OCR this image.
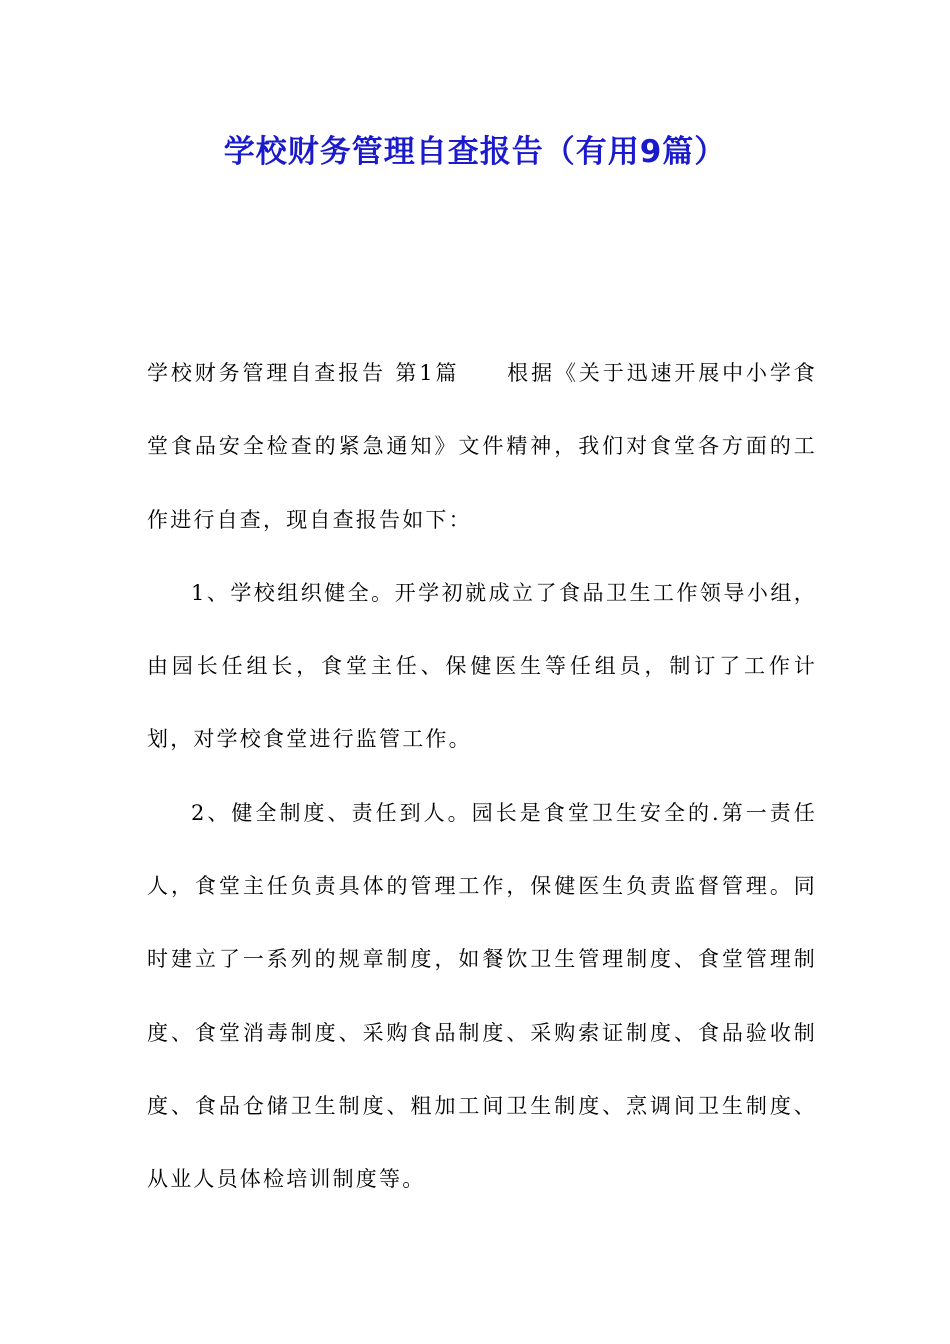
学校财务管理自查报告（有用9篇）

学校财务管理自查报告 第1篇　　根据《关于迅速开展中小学食堂食品安全检查的紧急通知》文件精神，我们对食堂各方面的工作进行自查，现自查报告如下：

1、学校组织健全。开学初就成立了食品卫生工作领导小组，由园长任组长，食堂主任、保健医生等任组员，制订了工作计划，对学校食堂进行监管工作。

2、健全制度、责任到人。园长是食堂卫生安全的.第一责任人，食堂主任负责具体的管理工作，保健医生负责监督管理。同时建立了一系列的规章制度，如餐饮卫生管理制度、食堂管理制度、食堂消毒制度、采购食品制度、采购索证制度、食品验收制度、食品仓储卫生制度、粗加工间卫生制度、烹调间卫生制度、从业人员体检培训制度等。
